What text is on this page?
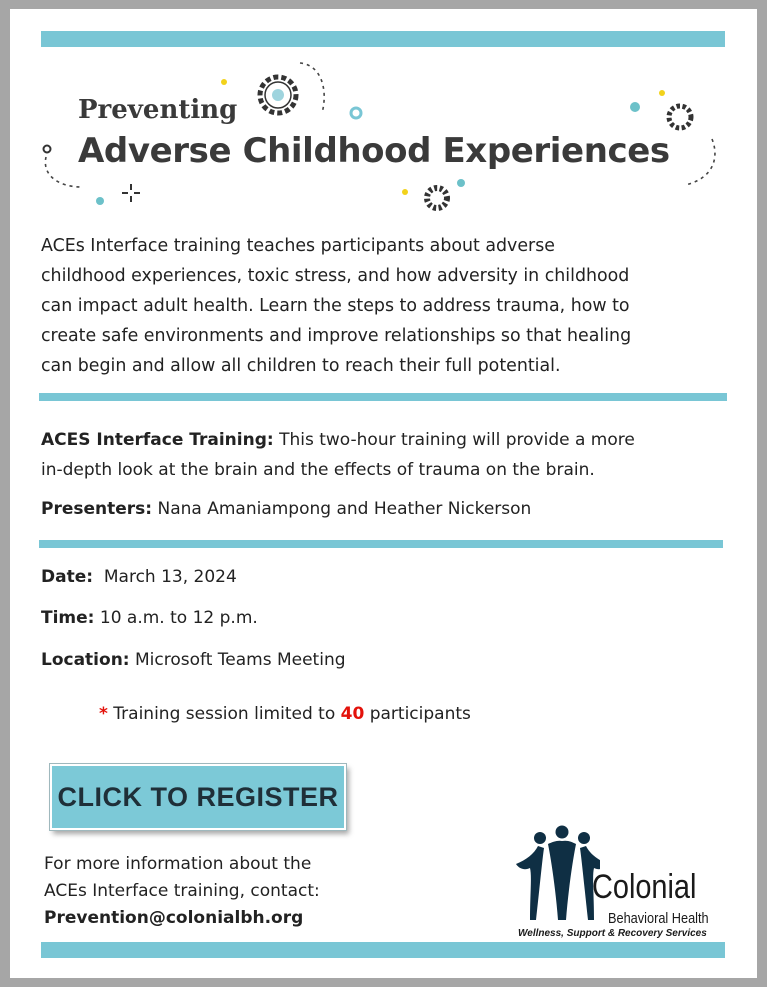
Preventing
Adverse Childhood Experiences
ACEs Interface training teaches participants about adverse
childhood experiences, toxic stress, and how adversity in childhood
can impact adult health. Learn the steps to address trauma, how to
create safe environments and improve relationships so that healing
can begin and allow all children to reach their full potential.
ACES Interface Training: This two-hour training will provide a more
in-depth look at the brain and the effects of trauma on the brain.
Presenters: Nana Amaniampong and Heather Nickerson
Date: March 13, 2024
Time: 10 a.m. to 12 p.m.
Location: Microsoft Teams Meeting
* Training session limited to 40 participants
CLICK TO REGISTER
For more information about the
ACEs Interface training, contact:
Prevention@colonialbh.org
Colonial
Behavioral Health
Wellness, Support & Recovery Services
